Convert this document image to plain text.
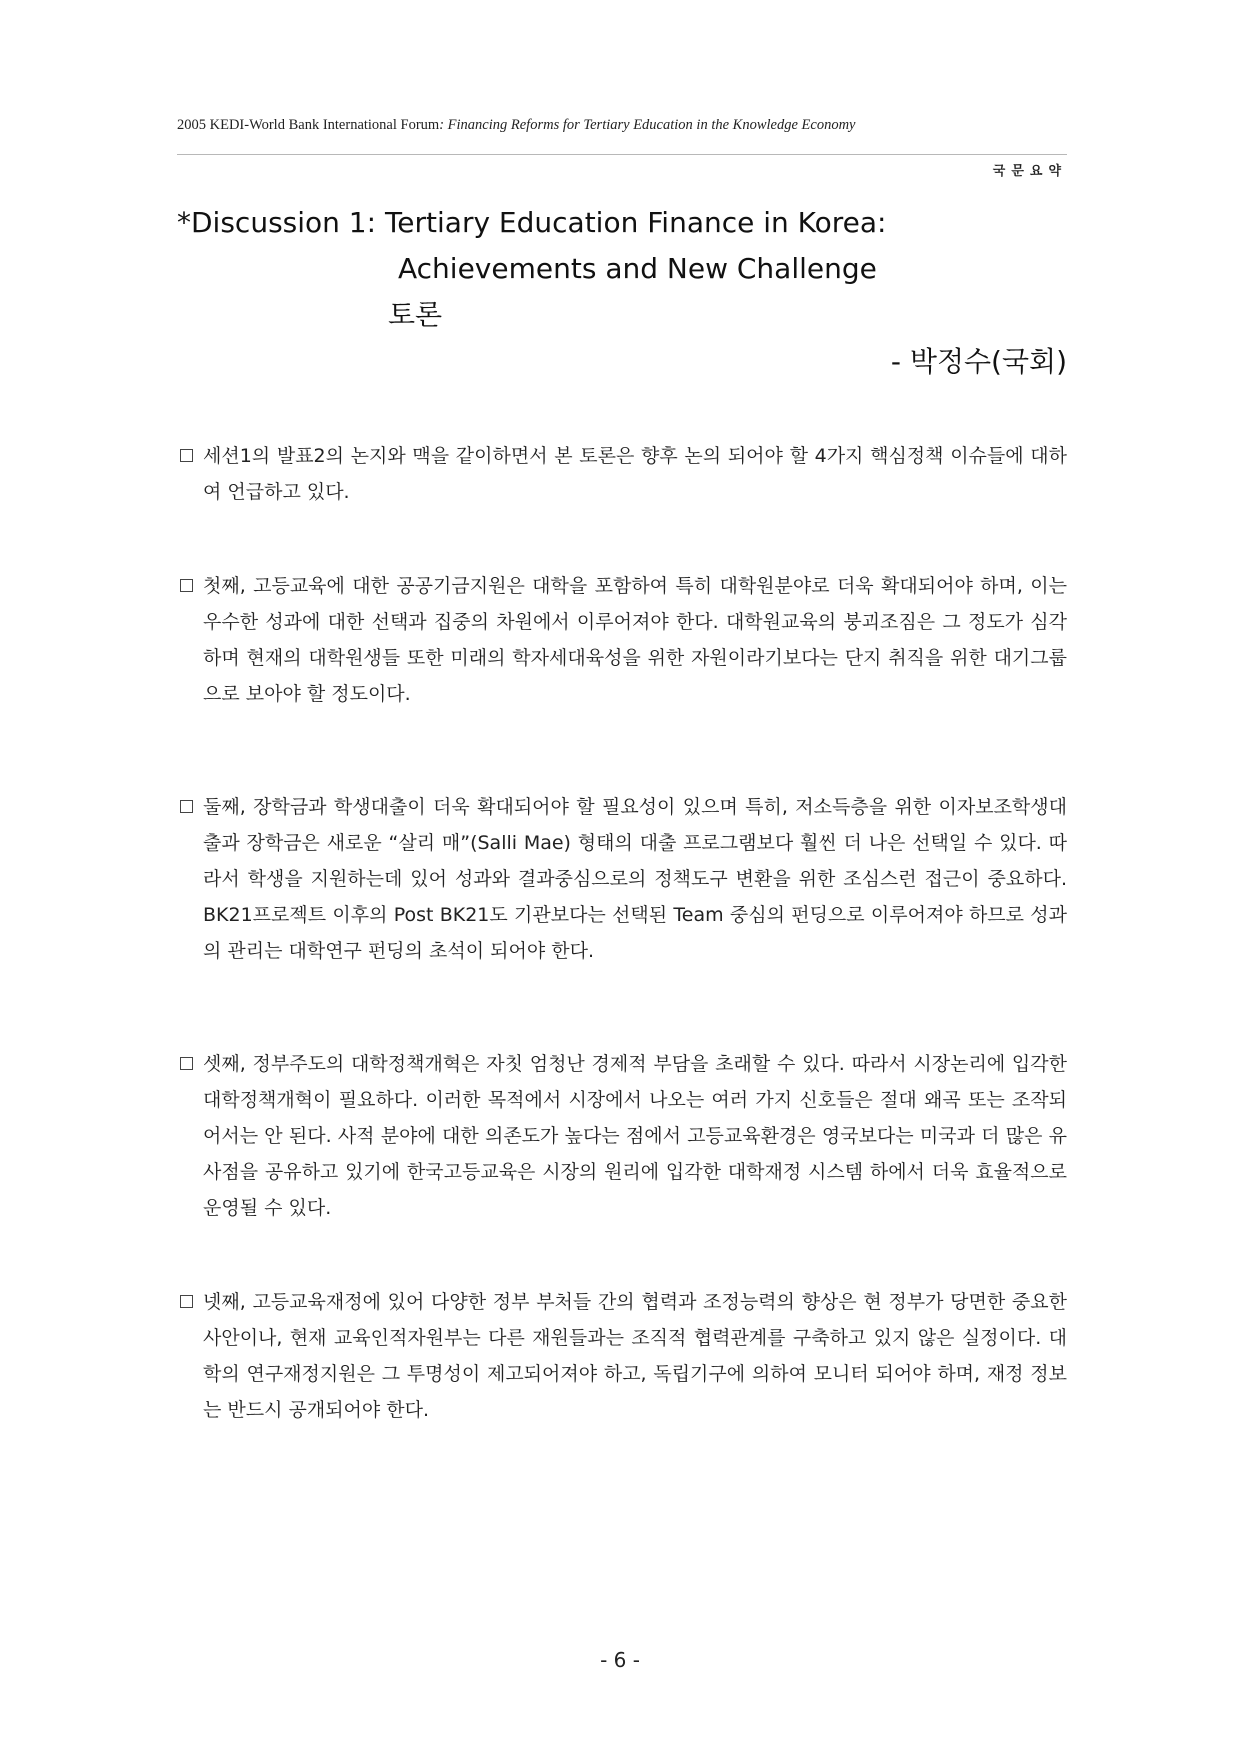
2005 KEDI-World Bank International Forum: Financing Reforms for Tertiary Education in the Knowledge Economy
국문요약
*Discussion 1: Tertiary Education Finance in Korea:
Achievements and New Challenge
토론
- 박정수(국회)
세션1의 발표2의 논지와 맥을 같이하면서 본 토론은 향후 논의 되어야 할 4가지 핵심정책 이슈들에 대하여 언급하고 있다.
첫째, 고등교육에 대한 공공기금지원은 대학을 포함하여 특히 대학원분야로 더욱 확대되어야 하며, 이는 우수한 성과에 대한 선택과 집중의 차원에서 이루어져야 한다. 대학원교육의 붕괴조짐은 그 정도가 심각하며 현재의 대학원생들 또한 미래의 학자세대육성을 위한 자원이라기보다는 단지 취직을 위한 대기그룹으로 보아야 할 정도이다.
둘째, 장학금과 학생대출이 더욱 확대되어야 할 필요성이 있으며 특히, 저소득층을 위한 이자보조학생대출과 장학금은 새로운 “살리 매”(Salli Mae) 형태의 대출 프로그램보다 훨씬 더 나은 선택일 수 있다. 따라서 학생을 지원하는데 있어 성과와 결과중심으로의 정책도구 변환을 위한 조심스런 접근이 중요하다. BK21프로젝트 이후의 Post BK21도 기관보다는 선택된 Team 중심의 펀딩으로 이루어져야 하므로 성과의 관리는 대학연구 펀딩의 초석이 되어야 한다.
셋째, 정부주도의 대학정책개혁은 자칫 엄청난 경제적 부담을 초래할 수 있다. 따라서 시장논리에 입각한 대학정책개혁이 필요하다. 이러한 목적에서 시장에서 나오는 여러 가지 신호들은 절대 왜곡 또는 조작되어서는 안 된다. 사적 분야에 대한 의존도가 높다는 점에서 고등교육환경은 영국보다는 미국과 더 많은 유사점을 공유하고 있기에 한국고등교육은 시장의 원리에 입각한 대학재정 시스템 하에서 더욱 효율적으로 운영될 수 있다.
넷째, 고등교육재정에 있어 다양한 정부 부처들 간의 협력과 조정능력의 향상은 현 정부가 당면한 중요한 사안이나, 현재 교육인적자원부는 다른 재원들과는 조직적 협력관계를 구축하고 있지 않은 실정이다. 대학의 연구재정지원은 그 투명성이 제고되어져야 하고, 독립기구에 의하여 모니터 되어야 하며, 재정 정보는 반드시 공개되어야 한다.
- 6 -
